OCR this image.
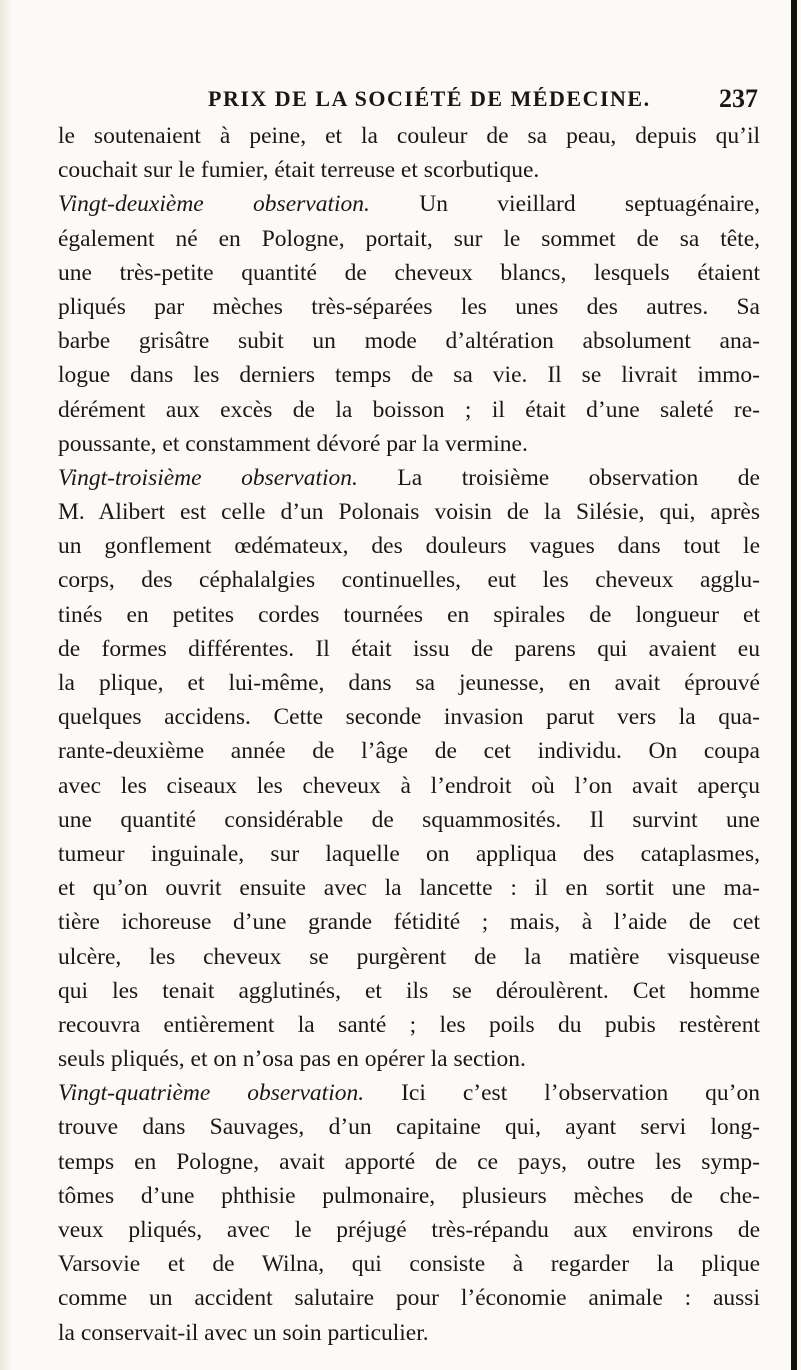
PRIX DE LA SOCIÉTÉ DE MÉDECINE.	237
le soutenaient à peine, et la couleur de sa peau, depuis qu’il
couchait sur le fumier, était terreuse et scorbutique.
Vingt-deuxième observation. Un vieillard septuagénaire,
également né en Pologne, portait, sur le sommet de sa tête,
une très-petite quantité de cheveux blancs, lesquels étaient
pliqués par mèches très-séparées les unes des autres. Sa
barbe grisâtre subit un mode d’altération absolument ana-
logue dans les derniers temps de sa vie. Il se livrait immo-
dérément aux excès de la boisson ; il était d’une saleté re-
poussante, et constamment dévoré par la vermine.
Vingt-troisième observation. La troisième observation de
M. Alibert est celle d’un Polonais voisin de la Silésie, qui, après
un gonflement œdémateux, des douleurs vagues dans tout le
corps, des céphalalgies continuelles, eut les cheveux agglu-
tinés en petites cordes tournées en spirales de longueur et
de formes différentes. Il était issu de parens qui avaient eu
la plique, et lui-même, dans sa jeunesse, en avait éprouvé
quelques accidens. Cette seconde invasion parut vers la qua-
rante-deuxième année de l’âge de cet individu. On coupa
avec les ciseaux les cheveux à l’endroit où l’on avait aperçu
une quantité considérable de squammosités. Il survint une
tumeur inguinale, sur laquelle on appliqua des cataplasmes,
et qu’on ouvrit ensuite avec la lancette : il en sortit une ma-
tière ichoreuse d’une grande fétidité ; mais, à l’aide de cet
ulcère, les cheveux se purgèrent de la matière visqueuse
qui les tenait agglutinés, et ils se déroulèrent. Cet homme
recouvra entièrement la santé ; les poils du pubis restèrent
seuls pliqués, et on n’osa pas en opérer la section.
Vingt-quatrième observation. Ici c’est l’observation qu’on
trouve dans Sauvages, d’un capitaine qui, ayant servi long-
temps en Pologne, avait apporté de ce pays, outre les symp-
tômes d’une phthisie pulmonaire, plusieurs mèches de che-
veux pliqués, avec le préjugé très-répandu aux environs de
Varsovie et de Wilna, qui consiste à regarder la plique
comme un accident salutaire pour l’économie animale : aussi
la conservait-il avec un soin particulier.
